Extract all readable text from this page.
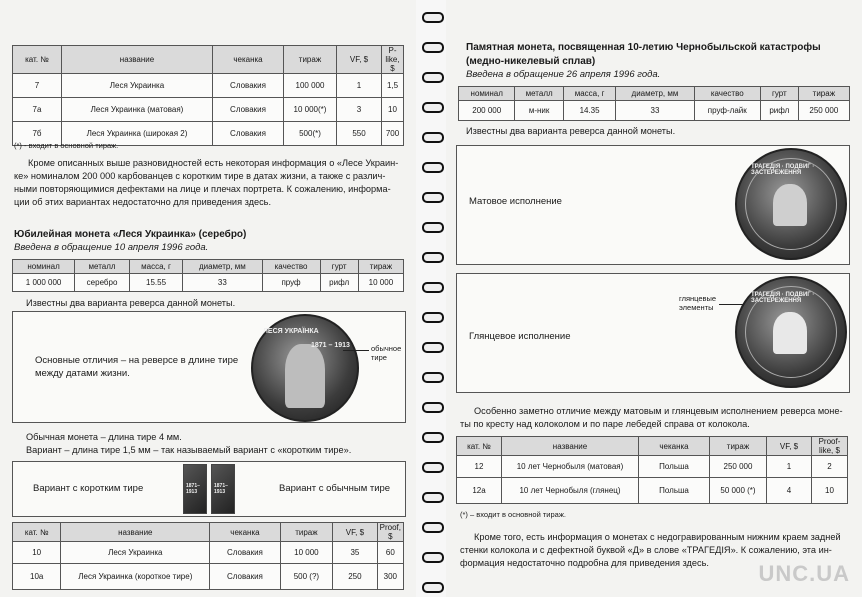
кат. №	название	чеканка	тираж	VF, $	P-like, $
7	Леся Украинка	Словакия	100 000	1	1,5
7а	Леся Украинка (матовая)	Словакия	10 000(*)	3	10
7б	Леся Украинка (широкая 2)	Словакия	500(*)	550	700
(*) - входит в основной тираж.
Кроме описанных выше разновидностей есть некоторая информация о «Лесе Украин-
ке» номиналом 200 000 карбованцев с коротким тире в датах жизни, а также с различ-
ными повторяющимися дефектами на лице и плечах портрета. К сожалению, информа-
ции об этих вариантах недостаточно для приведения здесь.
Юбилейная монета «Леся Украинка» (серебро)
Введена в обращение 10 апреля 1996 года.
номинал	металл	масса, г	диаметр, мм	качество	гурт	тираж
1 000 000	серебро	15.55	33	пруф	рифл	10 000
Известны два варианта реверса данной монеты.
Основные отличия – на реверсе в длине тире
между датами жизни.
ЛЕСЯ УКРАЇНКА
1871 – 1913	обычное
тире
Обычная монета – длина тире 4 мм.
Вариант – длина тире 1,5 мм – так называемый вариант с «коротким тире».
Вариант с коротким тире	1871–1913
1871–1913	Вариант с обычным тире
кат. №	название	чеканка	тираж	VF, $	Proof, $
10	Леся Украинка	Словакия	10 000	35	60
10а	Леся Украинка (короткое тире)	Словакия	500 (?)	250	300
Памятная монета, посвященная 10-летию Чернобыльской катастрофы
(медно-никелевый сплав)
Введена в обращение 26 апреля 1996 года.
номинал	металл	масса, г	диаметр, мм	качество	гурт	тираж
200 000	м-ник	14.35	33	пруф-лайк	рифл	250 000
Известны два варианта реверса данной монеты.
Матовое исполнение
ТРАГЕДІЯ · ПОДВИГ · ЗАСТЕРЕЖЕННЯ
Глянцевое исполнение
глянцевые
элементы
ТРАГЕДІЯ · ПОДВИГ · ЗАСТЕРЕЖЕННЯ
Особенно заметно отличие между матовым и глянцевым исполнением реверса моне-
ты по кресту над колоколом и по паре лебедей справа от колокола.
кат. №	название	чеканка	тираж	VF, $	Proof-like, $
12	10 лет Чернобыля (матовая)	Польша	250 000	1	2
12а	10 лет Чернобыля (глянец)	Польша	50 000 (*)	4	10
(*) – входит в основной тираж.
Кроме того, есть информация о монетах с недогравированным нижним краем задней
стенки колокола и с дефектной буквой «Д» в слове «ТРАГЕДІЯ». К сожалению, эта ин-
формация недостаточно подробна для приведения здесь.	UNC.UA
